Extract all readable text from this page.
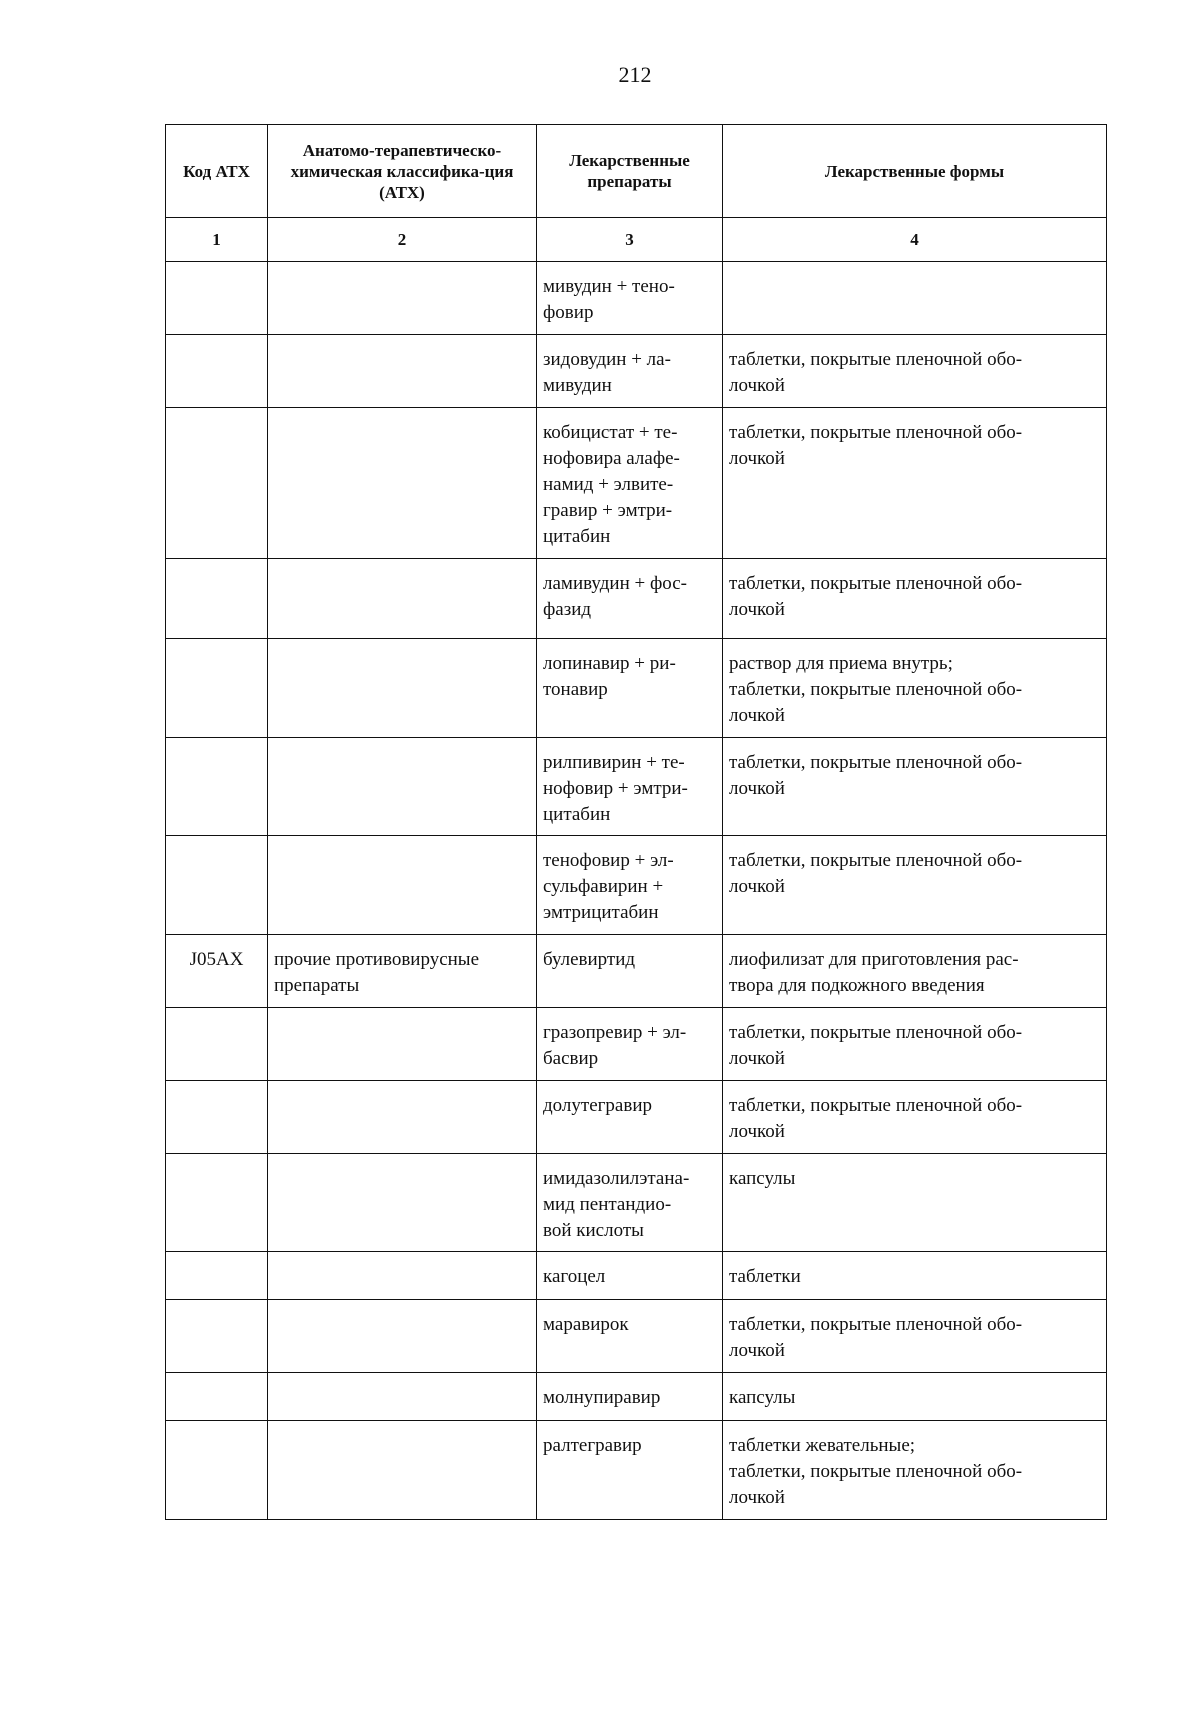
212
Код АТХ	Анатомо-терапевтическо-химическая классифика-ция (АТХ)	Лекарственные препараты	Лекарственные формы
1	2	3	4
		мивудин + тено-
фовир	
		зидовудин + ла-
мивудин	таблетки, покрытые пленочной обо-
лочкой
		кобицистат + те-
нофовира алафе-
намид + элвите-
гравир + эмтри-
цитабин	таблетки, покрытые пленочной обо-
лочкой
		ламивудин + фос-
фазид	таблетки, покрытые пленочной обо-
лочкой
		лопинавир + ри-
тонавир	раствор для приема внутрь;
таблетки, покрытые пленочной обо-
лочкой
		рилпивирин + те-
нофовир + эмтри-
цитабин	таблетки, покрытые пленочной обо-
лочкой
		тенофовир + эл-
сульфавирин +
эмтрицитабин	таблетки, покрытые пленочной обо-
лочкой
J05AX	прочие противовирусные
препараты	булевиртид	лиофилизат для приготовления рас-
твора для подкожного введения
		гразопревир + эл-
басвир	таблетки, покрытые пленочной обо-
лочкой
		долутегравир	таблетки, покрытые пленочной обо-
лочкой
		имидазолилэтана-
мид пентандио-
вой кислоты	капсулы
		кагоцел	таблетки
		маравирок	таблетки, покрытые пленочной обо-
лочкой
		молнупиравир	капсулы
		ралтегравир	таблетки жевательные;
таблетки, покрытые пленочной обо-
лочкой
